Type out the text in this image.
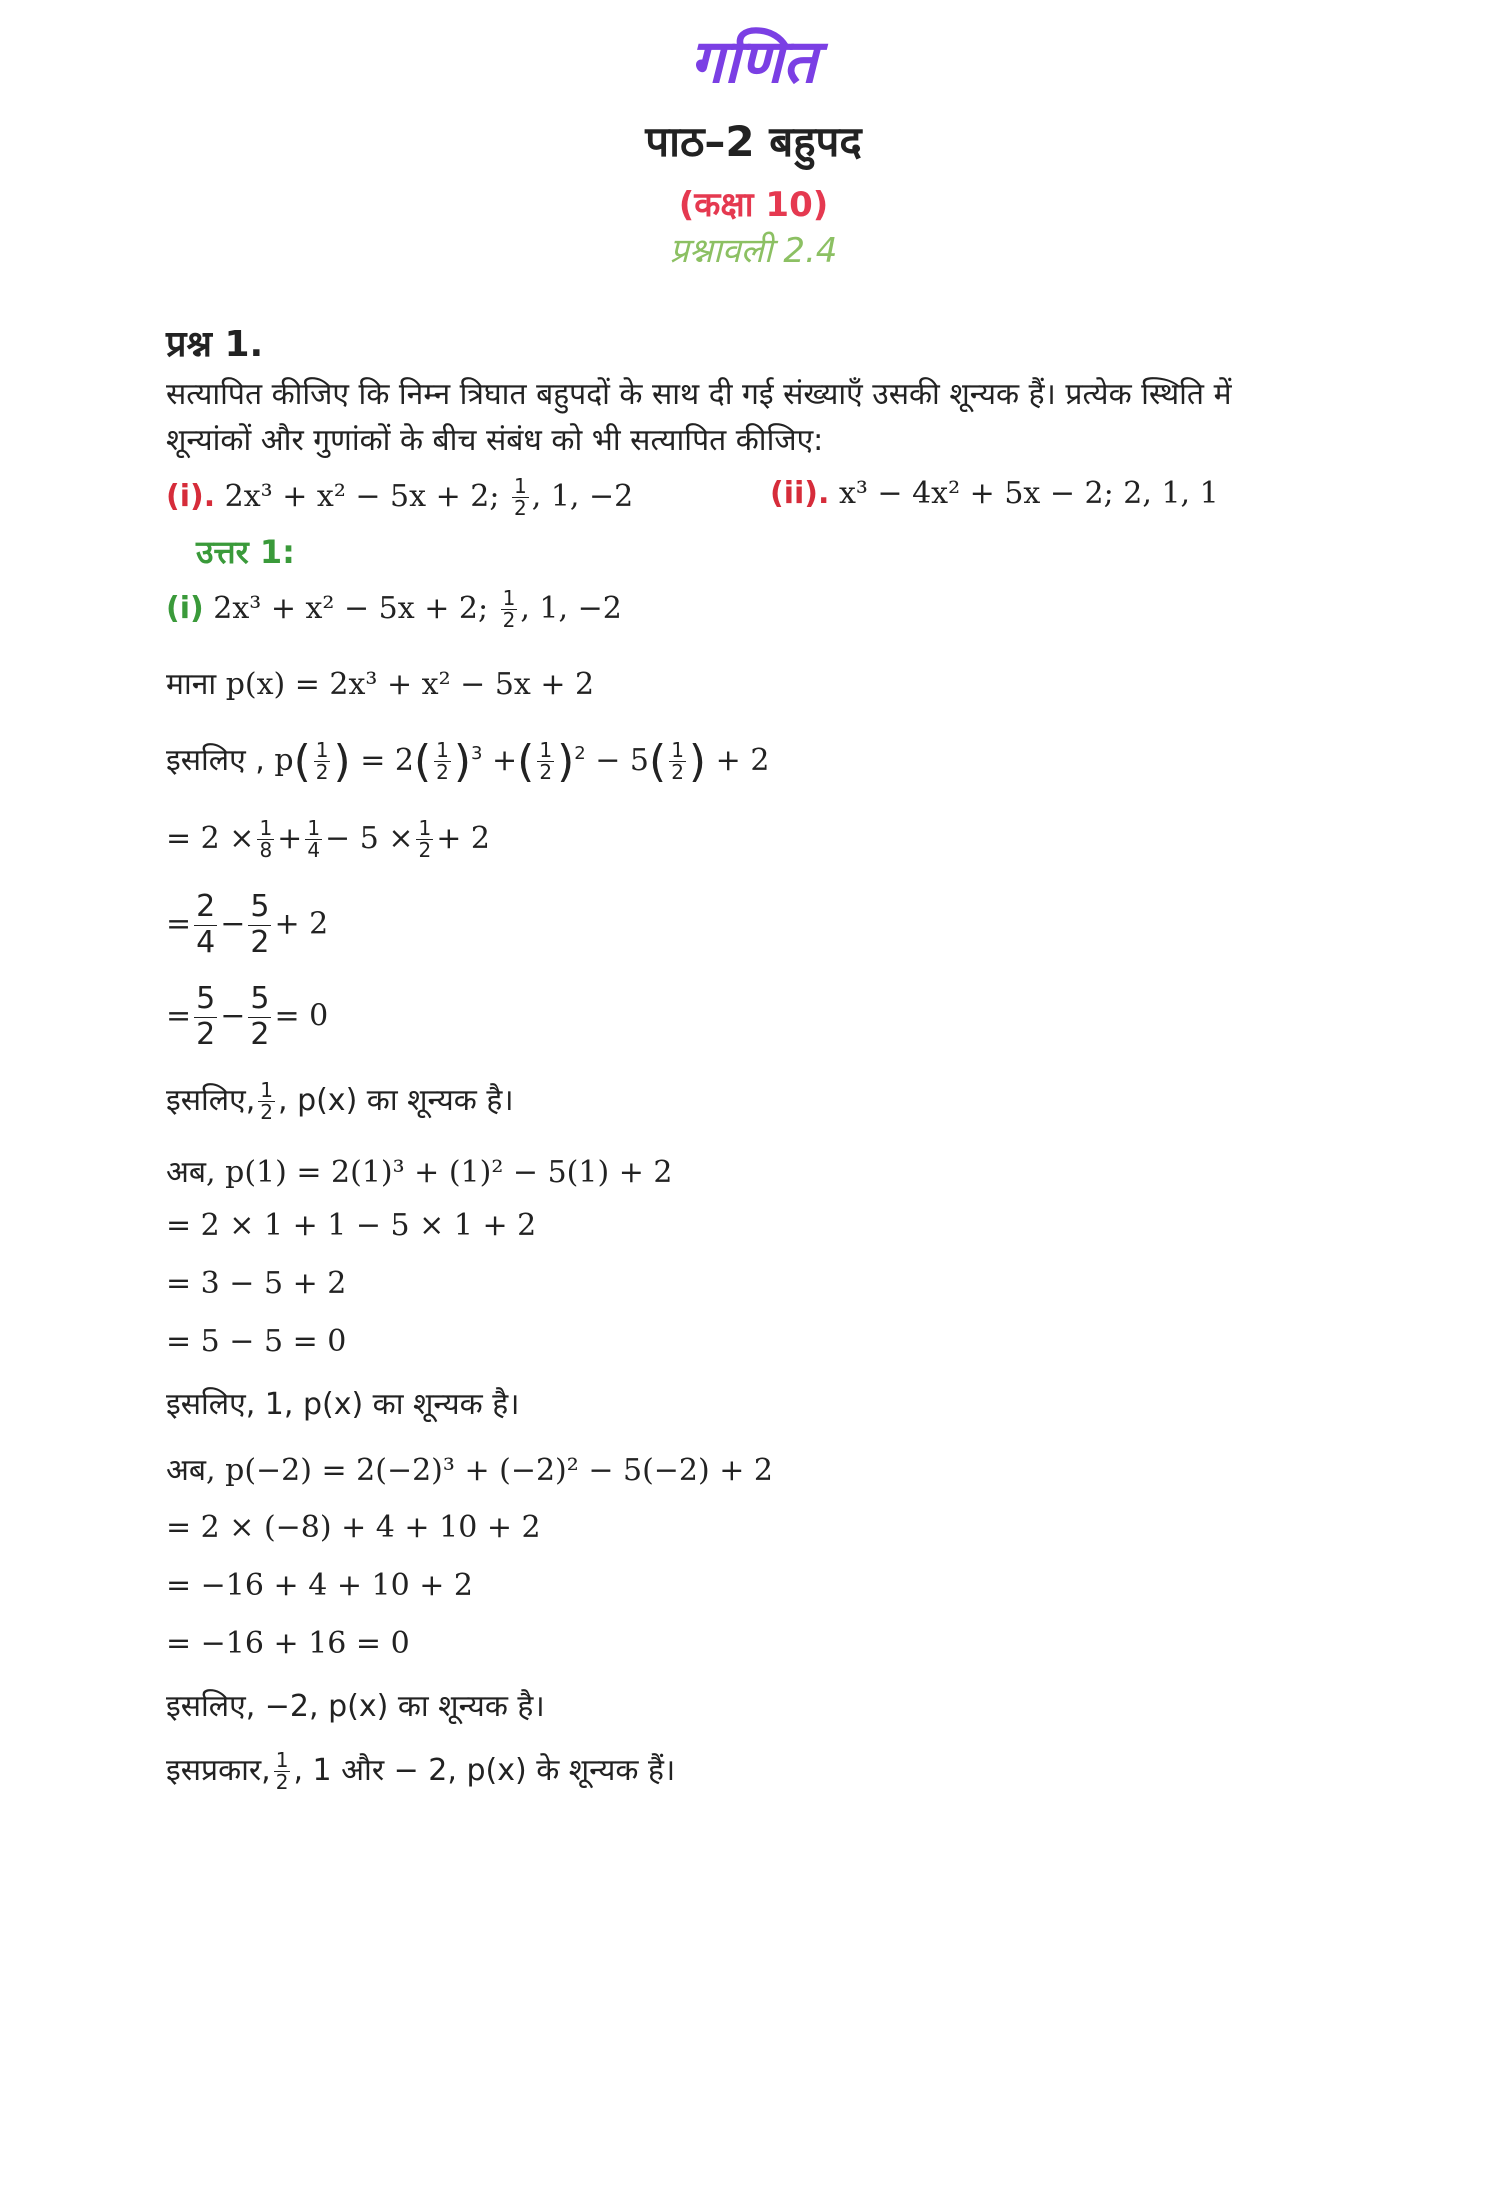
गणित
पाठ–2 बहुपद
(कक्षा 10)
प्रश्नावली 2.4
प्रश्न 1.
सत्यापित कीजिए कि निम्न त्रिघात बहुपदों के साथ दी गई संख्याएँ उसकी शून्यक हैं। प्रत्येक स्थिति में
शून्यांकों और गुणांकों के बीच संबंध को भी सत्यापित कीजिए:
(i). 2x³ + x² − 5x + 2; $\frac{1}{2}$ , 1, −2	(ii). x³ − 4x² + 5x − 2; 2, 1, 1
उत्तर 1:
(i) 2x³ + x² − 5x + 2; $\frac{1}{2}$ , 1, −2
माना p(x) = 2x³ + x² − 5x + 2
इसलिए , $p( \frac{1}{2}$ ) = $2( \frac{1}{2} )^3$ +( $\frac{1}{2} )^2 - 5( \frac{1}{2}$ ) + 2
= $2 \times \frac{1}{8} + \frac{1}{4} - 5 \times \frac{1}{2} + 2$
= $\frac{2}{4} - \frac{5}{2} + 2$
= $\frac{5}{2} - \frac{5}{2} = 0$
इसलिए, $\frac{1}{2}$ , p(x) का शून्यक है।
अब, p(1) = 2(1)³ + (1)² − 5(1) + 2
= 2 × 1 + 1 − 5 × 1 + 2
= 3 − 5 + 2
= 5 − 5 = 0
इसलिए, 1, p(x) का शून्यक है।
अब, p(−2) = 2(−2)³ + (−2)² − 5(−2) + 2
= 2 × (−8) + 4 + 10 + 2
= −16 + 4 + 10 + 2
= −16 + 16 = 0
इसलिए, −2, p(x) का शून्यक है।
इसप्रकार, $\frac{1}{2}$ , 1 और − 2, p(x) के शून्यक हैं।
